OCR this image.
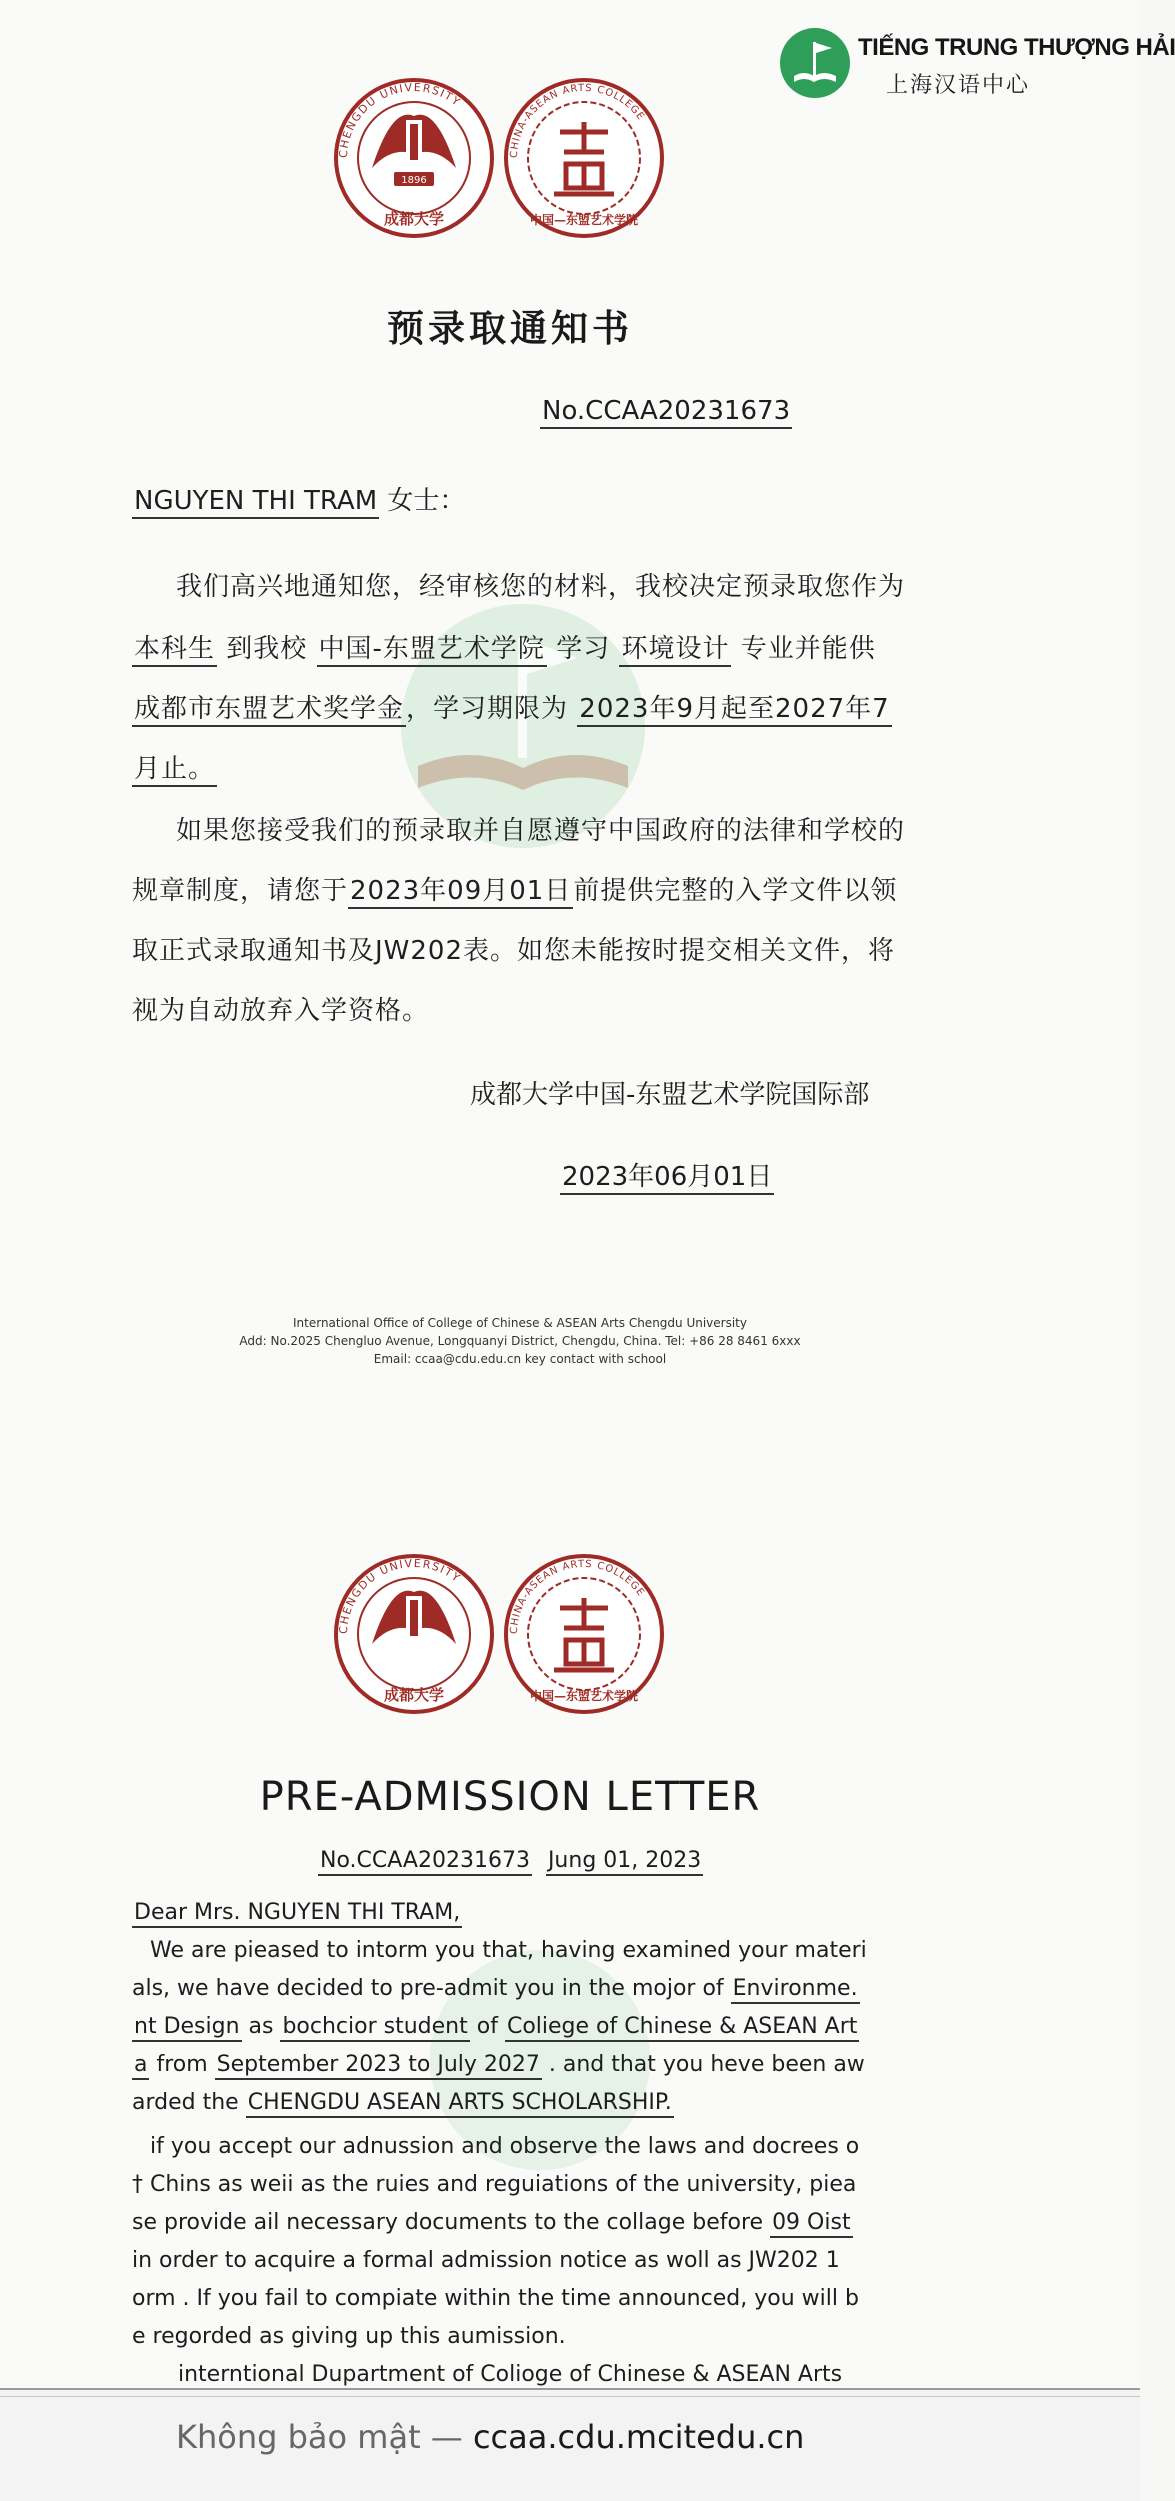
TIẾNG TRUNG THƯỢNG HẢI
上海汉语中心
CHENGDU UNIVERSITY
1896
成都大学
CHINA-ASEAN ARTS COLLEGE
中国—东盟艺术学院
预录取通知书
No.CCAA20231673
NGUYEN THI TRAM 女士：
我们高兴地通知您，经审核您的材料，我校决定预录取您作为
本科生 到我校 中国-东盟艺术学院 学习 环境设计 专业并能供
成都市东盟艺术奖学金，学习期限为 2023年9月起至2027年7
月止。
如果您接受我们的预录取并自愿遵守中国政府的法律和学校的
规章制度，请您于2023年09月01日前提供完整的入学文件以领
取正式录取通知书及JW202表。如您未能按时提交相关文件，将
视为自动放弃入学资格。
成都大学中国-东盟艺术学院国际部
2023年06月01日
International Office of College of Chinese & ASEAN Arts Chengdu University
Add: No.2025 Chengluo Avenue, Longquanyi District, Chengdu, China. Tel: +86 28 8461 6xxx
Email: ccaa@cdu.edu.cn key contact with school
CHENGDU UNIVERSITY
成都大学
CHINA-ASEAN ARTS COLLEGE
中国—东盟艺术学院
PRE-ADMISSION LETTER
No.CCAA20231673 Jung 01, 2023
Dear Mrs. NGUYEN THI TRAM,
We are pieased to intorm you that, having examined your materi
als, we have decided to pre-admit you in the mojor of Environme.
nt Design as bochcior student of Coliege of Chinese & ASEAN Art
a from September 2023 to July 2027 . and that you heve been aw
arded the CHENGDU ASEAN ARTS SCHOLARSHIP.
if you accept our adnussion and observe the laws and docrees o
† Chins as weii as the ruies and reguiations of the university, piea
se provide ail necessary documents to the collage before 09 Oist
in order to acquire a formal admission notice as woll as JW202 1
orm . If you fail to compiate within the time announced, you will b
e regorded as giving up this aumission.
interntional Dupartment of Colioge of Chinese & ASEAN Arts
Không bảo mật — ccaa.cdu.mcitedu.cn
